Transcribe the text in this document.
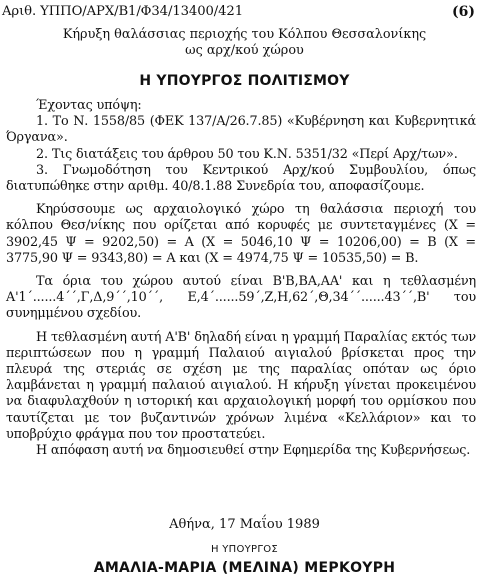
Αριθ. ΥΠΠΟ/ΑΡΧ/Β1/Φ34/13400/421	(6)
Κήρυξη θαλάσσιας περιοχής του Κόλπου Θεσσαλονίκης
ως αρχ/κού χώρου
Η ΥΠΟΥΡΓΟΣ ΠΟΛΙΤΙΣΜΟΥ

Έχοντας υπόψη:

1. Το Ν. 1558/85 (ΦΕΚ 137/Α/26.7.85) «Κυβέρνηση και Κυβερνητικά Όργανα».

2. Τις διατάξεις του άρθρου 50 του Κ.Ν. 5351/32 «Περί Αρχ/των».

3. Γνωμοδότηση του Κεντρικού Αρχ/κού Συμβουλίου, όπως διατυπώθηκε στην αριθμ. 40/8.1.88 Συνεδρία του, αποφασίζουμε.

Κηρύσσουμε ως αρχαιολογικό χώρο τη θαλάσσια περιοχή του κόλπου Θεσ/νίκης που ορίζεται από κορυφές με συντεταγμένες (Χ = 3902,45 Ψ = 9202,50) = Α (Χ = 5046,10 Ψ = 10206,00) = Β (Χ = 3775,90 Ψ = 9343,80) = Α και (Χ = 4974,75 Ψ = 10535,50) = Β.

Τα όρια του χώρου αυτού είναι Β'Β,ΒΑ,ΑΑ' και η τεθλασμένη Α'1΄......4΄΄,Γ,Δ,9΄΄,10΄΄, Ε,4΄......59΄,Ζ,Η,62΄,Θ,34΄΄......43΄΄,Β' του συνημμένου σχεδίου.

Η τεθλασμένη αυτή Α'Β' δηλαδή είναι η γραμμή Παραλίας εκτός των περιπτώσεων που η γραμμή Παλαιού αιγιαλού βρίσκεται προς την πλευρά της στεριάς σε σχέση με της παραλίας οπόταν ως όριο λαμβάνεται η γραμμή παλαιού αιγιαλού. Η κήρυξη γίνεται προκειμένου να διαφυλαχθούν η ιστορική και αρχαιολογική μορφή του ορμίσκου που ταυτίζεται με τον βυζαντινών χρόνων λιμένα «Κελλάριον» και το υποβρύχιο φράγμα που τον προστατεύει.

Η απόφαση αυτή να δημοσιευθεί στην Εφημερίδα της Κυβερνήσεως.

Αθήνα, 17 Μαΐου 1989
Η ΥΠΟΥΡΓΟΣ
ΑΜΑΛΙΑ-ΜΑΡΙΑ (ΜΕΛΙΝΑ) ΜΕΡΚΟΥΡΗ
